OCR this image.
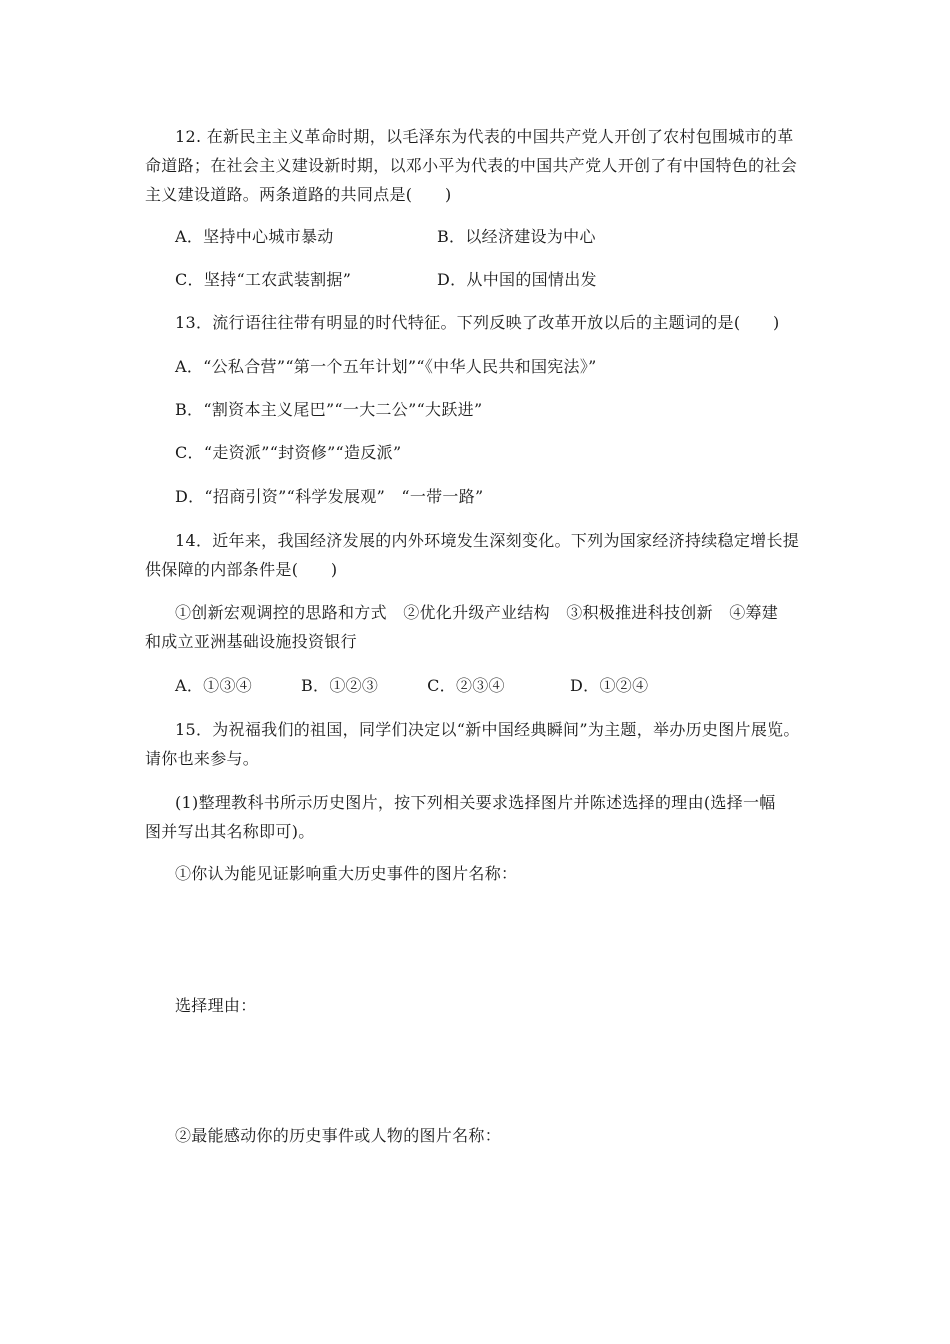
12. 在新民主主义革命时期，以毛泽东为代表的中国共产党人开创了农村包围城市的革
命道路；在社会主义建设新时期，以邓小平为代表的中国共产党人开创了有中国特色的社会
主义建设道路。两条道路的共同点是(　　)
A．坚持中心城市暴动	B．以经济建设为中心
C．坚持“工农武装割据”	D．从中国的国情出发
13．流行语往往带有明显的时代特征。下列反映了改革开放以后的主题词的是(　　)
A．“公私合营”“第一个五年计划”“《中华人民共和国宪法》”
B．“割资本主义尾巴”“一大二公”“大跃进”
C．“走资派”“封资修”“造反派”
D．“招商引资”“科学发展观”　“一带一路”
14．近年来，我国经济发展的内外环境发生深刻变化。下列为国家经济持续稳定增长提
供保障的内部条件是(　　)
①创新宏观调控的思路和方式　②优化升级产业结构　③积极推进科技创新　④筹建
和成立亚洲基础设施投资银行
A．①③④　　　B．①②③　　　C．②③④　　　　D．①②④
15．为祝福我们的祖国，同学们决定以“新中国经典瞬间”为主题，举办历史图片展览。
请你也来参与。
(1)整理教科书所示历史图片，按下列相关要求选择图片并陈述选择的理由(选择一幅
图并写出其名称即可)。
①你认为能见证影响重大历史事件的图片名称：
选择理由：
②最能感动你的历史事件或人物的图片名称：
